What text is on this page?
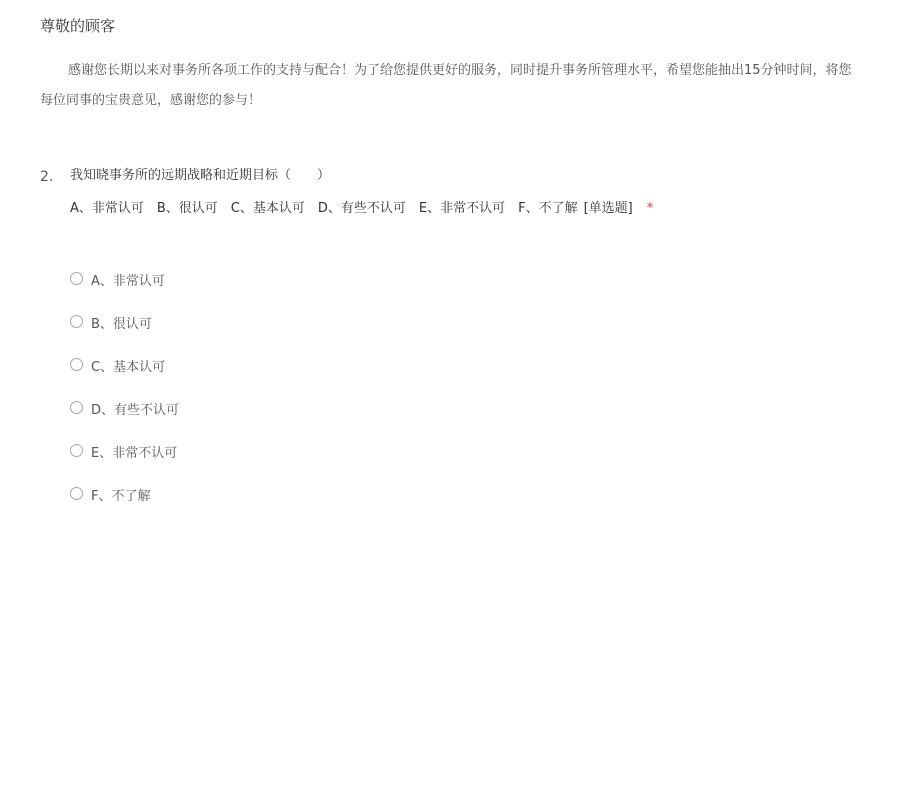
尊敬的顾客
感谢您长期以来对事务所各项工作的支持与配合！为了给您提供更好的服务，同时提升事务所管理水平，希望您能抽出15分钟时间，将您
每位同事的宝贵意见，感谢您的参与！
2. 我知晓事务所的远期战略和近期目标（　　）
A、非常认可　B、很认可　C、基本认可　D、有些不认可　E、非常不认可　F、不了解 [单选题] *
A、非常认可
B、很认可
C、基本认可
D、有些不认可
E、非常不认可
F、不了解
